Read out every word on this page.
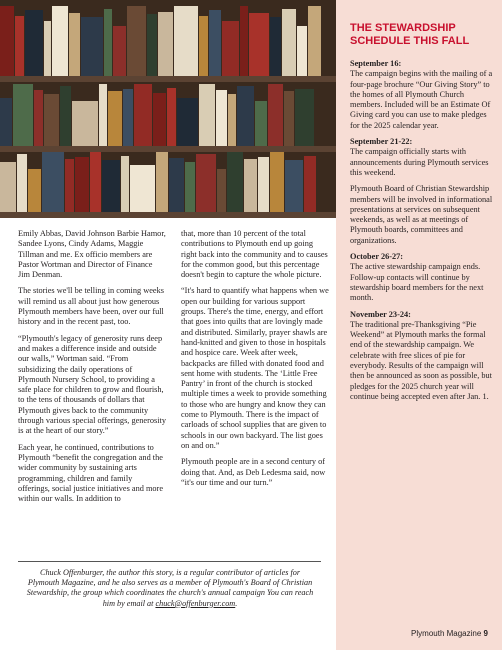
Emily Abbas, David Johnson Barbie Hamor, Sandee Lyons, Cindy Adams, Maggie Tillman and me. Ex officio members are Pastor Wortman and Director of Finance Jim Denman.

The stories we'll be telling in coming weeks will remind us all about just how generous Plymouth members have been, over our full history and in the recent past, too.

“Plymouth's legacy of generosity runs deep and makes a difference inside and outside our walls,” Wortman said. “From subsidizing the daily operations of Plymouth Nursery School, to providing a safe place for children to grow and flourish, to the tens of thousands of dollars that Plymouth gives back to the community through various special offerings, generosity is at the heart of our story.”

Each year, he continued, contributions to Plymouth “benefit the congregation and the wider community by sustaining arts programming, children and family offerings, social justice initiatives and more within our walls. In addition to

that, more than 10 percent of the total contributions to Plymouth end up going right back into the community and to causes for the common good, but this percentage doesn't begin to capture the whole picture.

“It's hard to quantify what happens when we open our building for various support groups. There's the time, energy, and effort that goes into quilts that are lovingly made and distributed. Similarly, prayer shawls are hand-knitted and given to those in hospitals and hospice care. Week after week, backpacks are filled with donated food and sent home with students. The ‘Little Free Pantry’ in front of the church is stocked multiple times a week to provide something to those who are hungry and know they can come to Plymouth. There is the impact of carloads of school supplies that are given to schools in our own backyard. The list goes on and on.”

Plymouth people are in a second century of doing that. And, as Deb Ledesma said, now “it's our time and our turn.”

THE STEWARDSHIP SCHEDULE THIS FALL
September 16:
The campaign begins with the mailing of a four-page brochure “Our Giving Story” to the homes of all Plymouth Church members. Included will be an Estimate Of Giving card you can use to make pledges for the 2025 calendar year.
September 21-22:
The campaign officially starts with announcements during Plymouth services this weekend.
Plymouth Board of Christian Stewardship members will be involved in informational presentations at services on subsequent weekends, as well as at meetings of Plymouth boards, committees and organizations.
October 26-27:
The active stewardship campaign ends. Follow-up contacts will continue by stewardship board members for the next month.
November 23-24:
The traditional pre-Thanksgiving “Pie Weekend” at Plymouth marks the formal end of the stewardship campaign. We celebrate with free slices of pie for everybody. Results of the campaign will then be announced as soon as possible, but pledges for the 2025 church year will continue being accepted even after Jan. 1.
Chuck Offenburger, the author this story, is a regular contributor of articles for Plymouth Magazine, and he also serves as a member of Plymouth's Board of Christian Stewardship, the group which coordinates the church's annual campaign You can reach him by email at chuck@offenburger.com.
Plymouth Magazine 9
